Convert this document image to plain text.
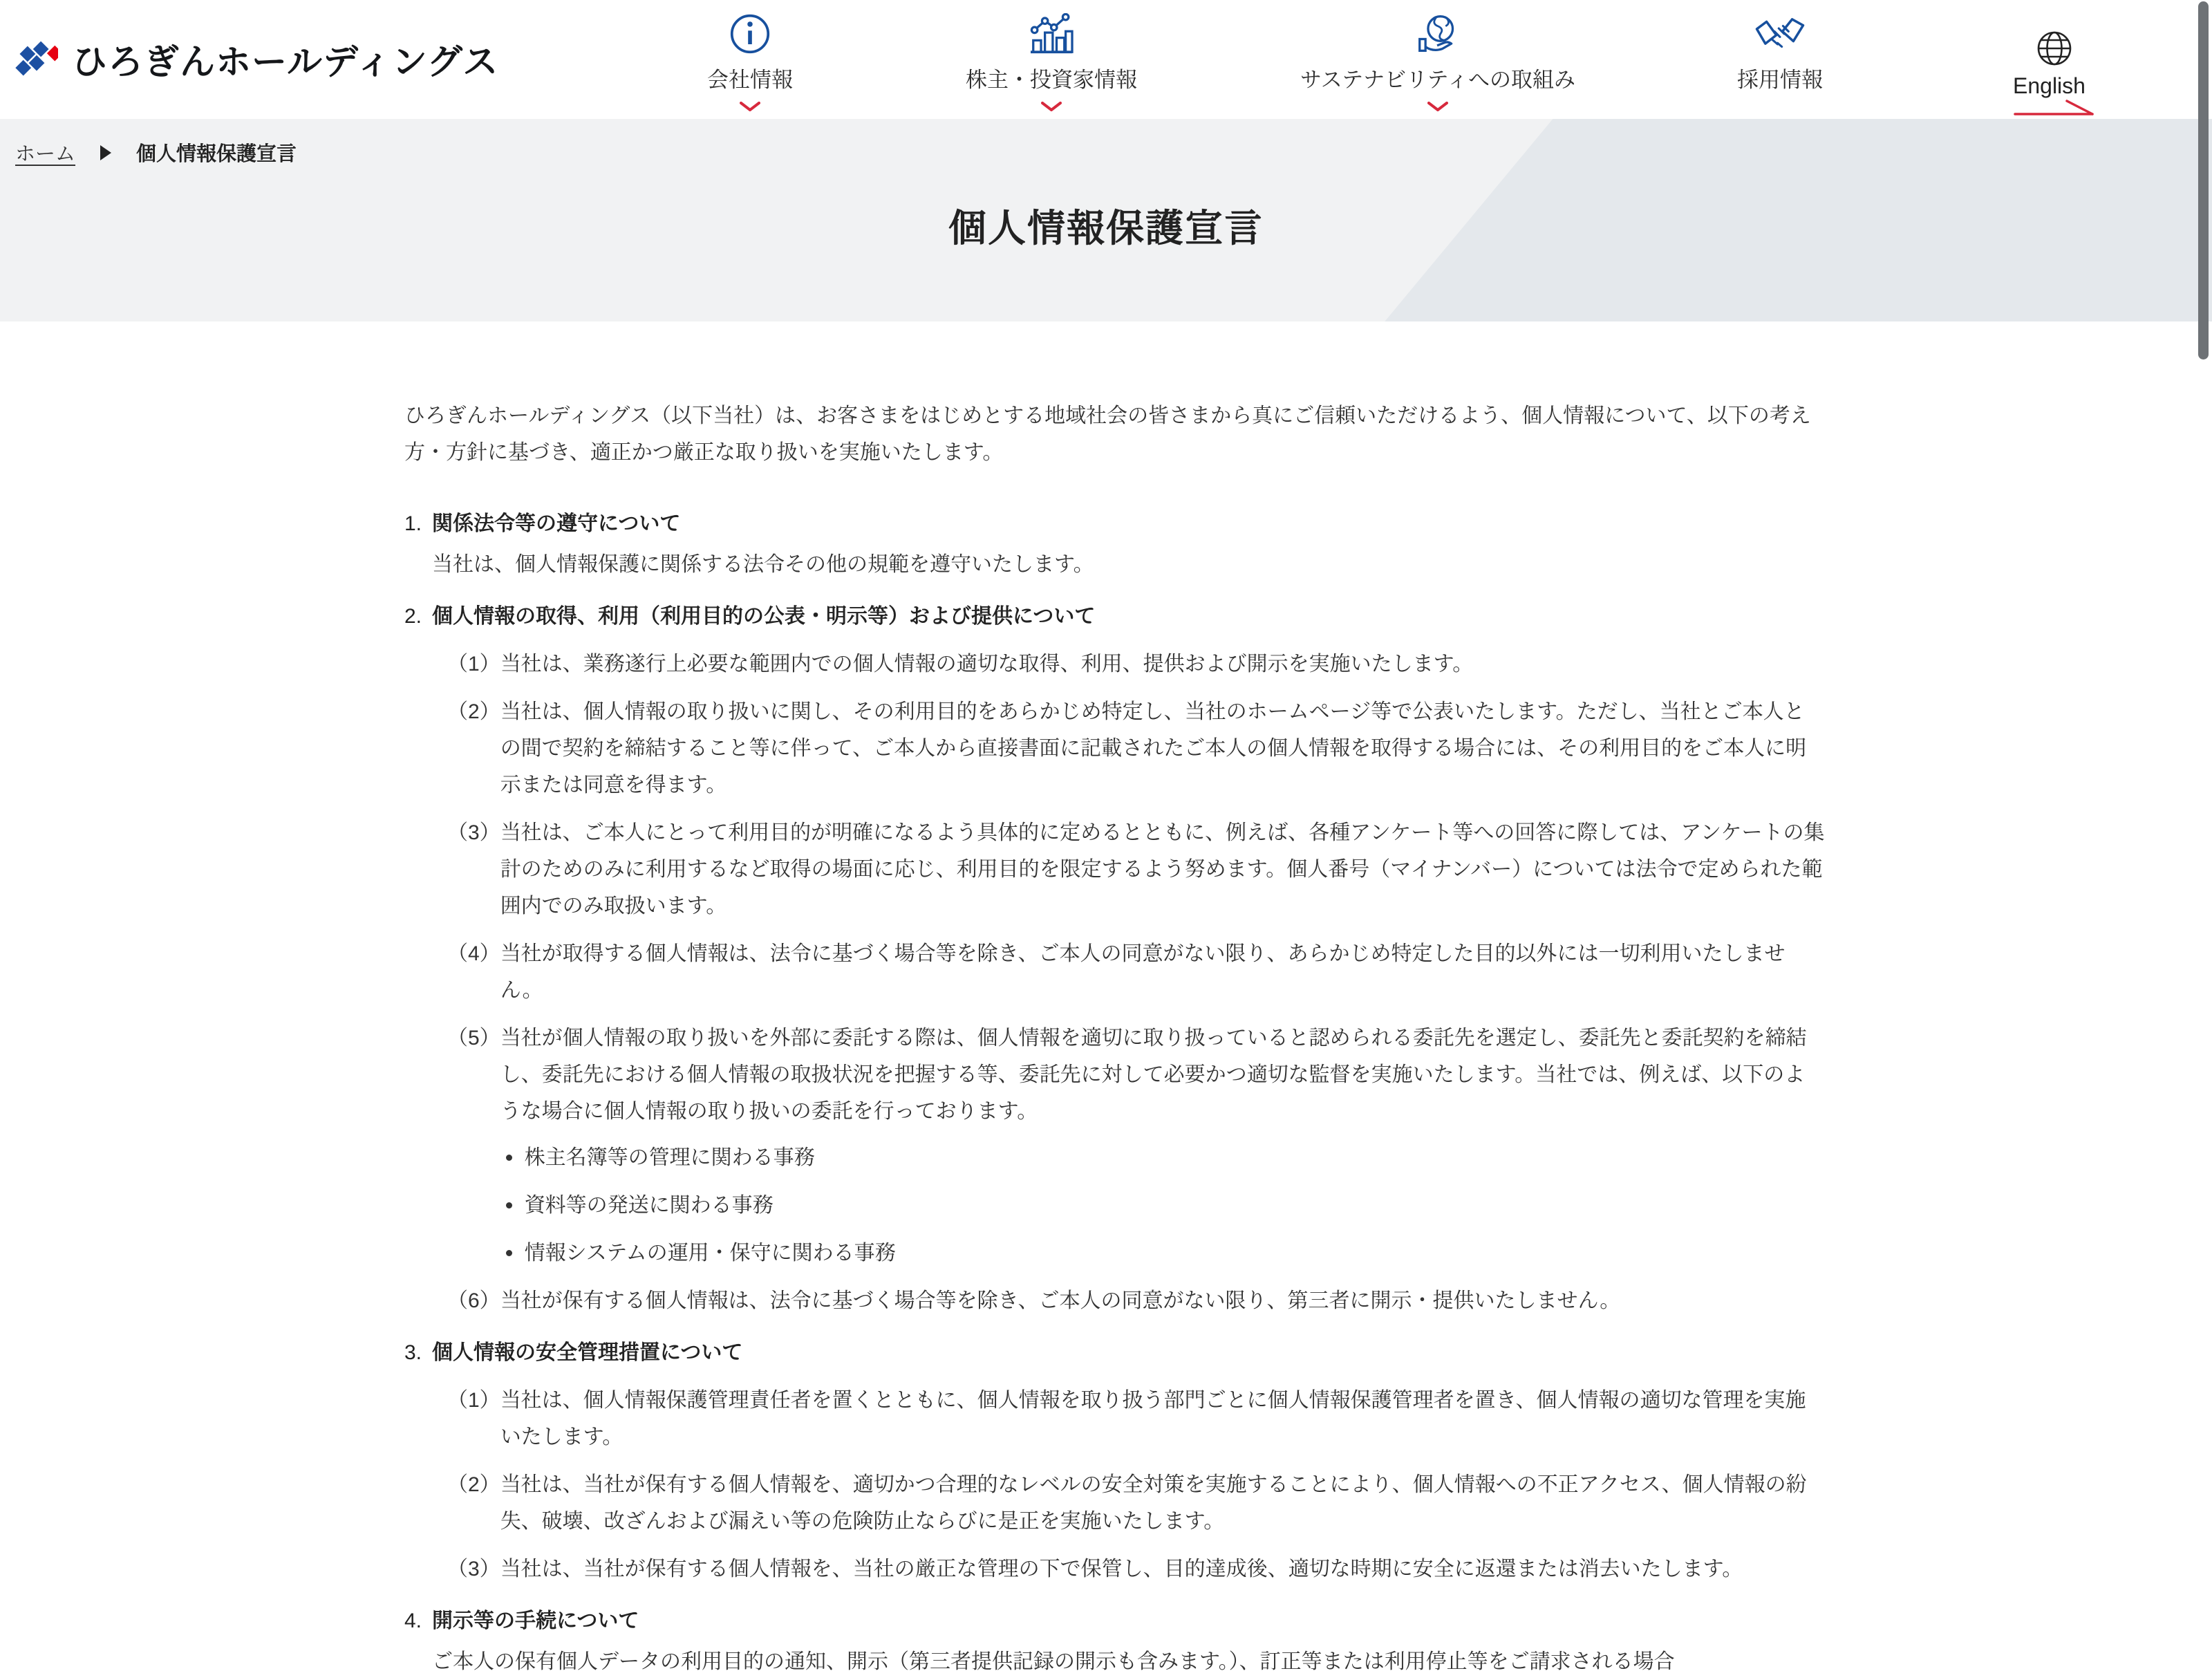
ひろぎんホールディングス	会社情報	株主・投資家情報	サステナビリティへの取組み	採用情報	English
ホーム	個人情報保護宣言
個人情報保護宣言

ひろぎんホールディングス（以下当社）は、お客さまをはじめとする地域社会の皆さまから真にご信頼いただけるよう、個人情報について、以下の考え方・方針に基づき、適正かつ厳正な取り扱いを実施いたします。

1. 関係法令等の遵守について

当社は、個人情報保護に関係する法令その他の規範を遵守いたします。

2. 個人情報の取得、利用（利用目的の公表・明示等）および提供について
（1） 当社は、業務遂行上必要な範囲内での個人情報の適切な取得、利用、提供および開示を実施いたします。

（2） 当社は、個人情報の取り扱いに関し、その利用目的をあらかじめ特定し、当社のホームページ等で公表いたします。ただし、当社とご本人との間で契約を締結すること等に伴って、ご本人から直接書面に記載されたご本人の個人情報を取得する場合には、その利用目的をご本人に明示または同意を得ます。

（3） 当社は、ご本人にとって利用目的が明確になるよう具体的に定めるとともに、例えば、各種アンケート等への回答に際しては、アンケートの集計のためのみに利用するなど取得の場面に応じ、利用目的を限定するよう努めます。個人番号（マイナンバー）については法令で定められた範囲内でのみ取扱います。

（4） 当社が取得する個人情報は、法令に基づく場合等を除き、ご本人の同意がない限り、あらかじめ特定した目的以外には一切利用いたしません。

（5） 当社が個人情報の取り扱いを外部に委託する際は、個人情報を適切に取り扱っていると認められる委託先を選定し、委託先と委託契約を締結し、委託先における個人情報の取扱状況を把握する等、委託先に対して必要かつ適切な監督を実施いたします。当社では、例えば、以下のような場合に個人情報の取り扱いの委託を行っております。

株主名簿等の管理に関わる事務
資料等の発送に関わる事務
情報システムの運用・保守に関わる事務
（6） 当社が保有する個人情報は、法令に基づく場合等を除き、ご本人の同意がない限り、第三者に開示・提供いたしません。

3. 個人情報の安全管理措置について
（1） 当社は、個人情報保護管理責任者を置くとともに、個人情報を取り扱う部門ごとに個人情報保護管理者を置き、個人情報の適切な管理を実施いたします。

（2） 当社は、当社が保有する個人情報を、適切かつ合理的なレベルの安全対策を実施することにより、個人情報への不正アクセス、個人情報の紛失、破壊、改ざんおよび漏えい等の危険防止ならびに是正を実施いたします。

（3） 当社は、当社が保有する個人情報を、当社の厳正な管理の下で保管し、目的達成後、適切な時期に安全に返還または消去いたします。

4. 開示等の手続について

ご本人の保有個人データの利用目的の通知、開示（第三者提供記録の開示も含みます。）、訂正等または利用停止等をご請求される場合
